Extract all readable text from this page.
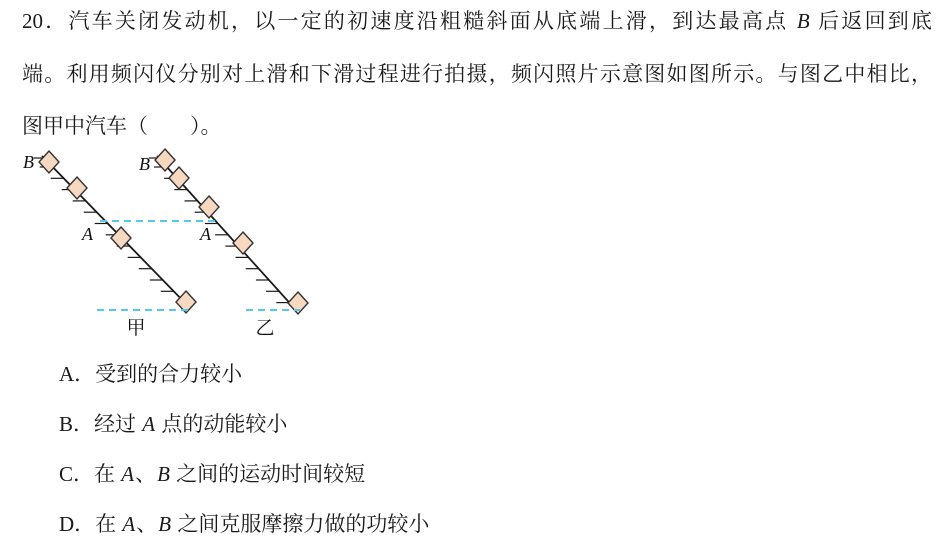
20．汽车关闭发动机，以一定的初速度沿粗糙斜面从底端上滑，到达最高点 B 后返回到底
端。利用频闪仪分别对上滑和下滑过程进行拍摄，频闪照片示意图如图所示。与图乙中相比，
图甲中汽车（　　）。
B
A
B
A
甲	乙
A．受到的合力较小
B．经过 A 点的动能较小
C．在 A、B 之间的运动时间较短
D．在 A、B 之间克服摩擦力做的功较小
